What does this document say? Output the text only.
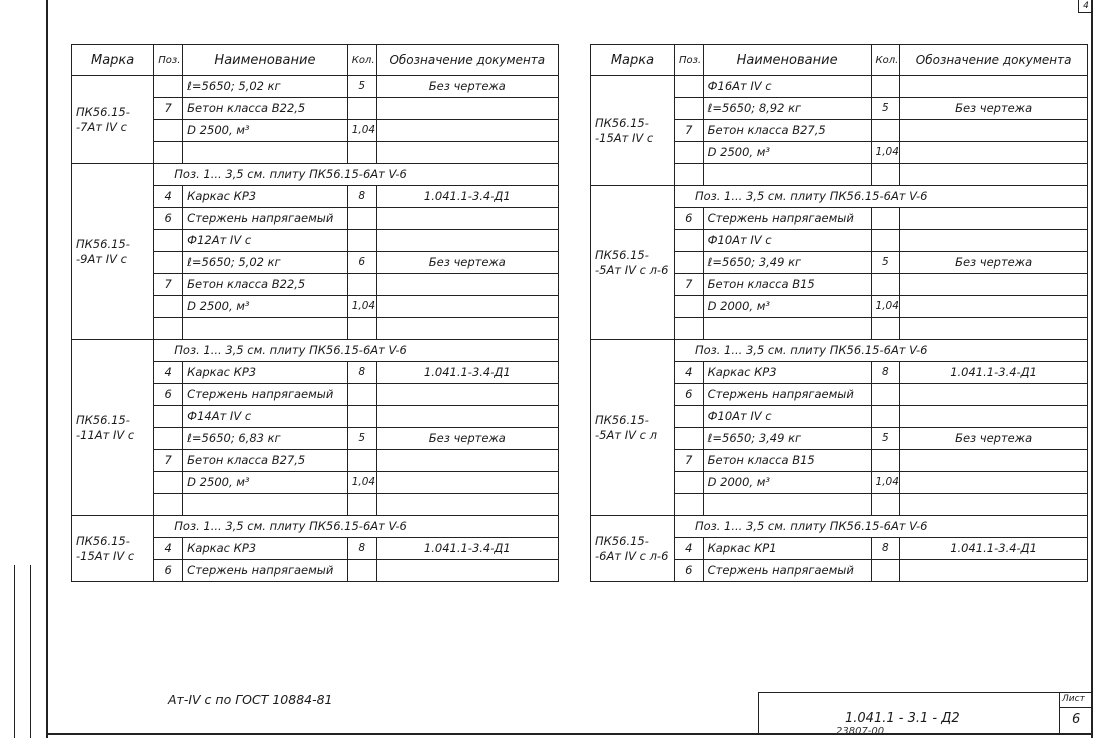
4
Марка	Поз.	Наименование	Кол.	Обозначение документа
ПК56.15-
-7Ат IV с		ℓ=5650; 5,02 кг	5	Без чертежа
	7	Бетон класса В22,5		
		D 2500, м³	1,04	

ПК56.15-
-9Ат IV с	Поз. 1... 3,5 см. плиту ПК56.15-6Ат V-6			
	4	Каркас КР3	8	1.041.1-3.4-Д1
	6	Стержень напрягаемый		
		Ф12Ат IV с		
		ℓ=5650; 5,02 кг	6	Без чертежа
	7	Бетон класса В22,5		
		D 2500, м³	1,04	

ПК56.15-
-11Ат IV с	Поз. 1... 3,5 см. плиту ПК56.15-6Ат V-6			
	4	Каркас КР3	8	1.041.1-3.4-Д1
	6	Стержень напрягаемый		
		Ф14Ат IV с		
		ℓ=5650; 6,83 кг	5	Без чертежа
	7	Бетон класса В27,5		
		D 2500, м³	1,04	

ПК56.15-
-15Ат IV с	Поз. 1... 3,5 см. плиту ПК56.15-6Ат V-6			
	4	Каркас КР3	8	1.041.1-3.4-Д1
	6	Стержень напрягаемый		
Марка	Поз.	Наименование	Кол.	Обозначение документа
ПК56.15-
-15Ат IV с		Ф16Ат IV с		
		ℓ=5650; 8,92 кг	5	Без чертежа
	7	Бетон класса В27,5		
		D 2500, м³	1,04	

ПК56.15-
-5Ат IV с л-6	Поз. 1... 3,5 см. плиту ПК56.15-6Ат V-6			
	6	Стержень напрягаемый		
		Ф10Ат IV с		
		ℓ=5650; 3,49 кг	5	Без чертежа
	7	Бетон класса В15		
		D 2000, м³	1,04	

ПК56.15-
-5Ат IV с л	Поз. 1... 3,5 см. плиту ПК56.15-6Ат V-6			
	4	Каркас КР3	8	1.041.1-3.4-Д1
	6	Стержень напрягаемый		
		Ф10Ат IV с		
		ℓ=5650; 3,49 кг	5	Без чертежа
	7	Бетон класса В15		
		D 2000, м³	1,04	

ПК56.15-
-6Ат IV с л-6	Поз. 1... 3,5 см. плиту ПК56.15-6Ат V-6			
	4	Каркас КР1	8	1.041.1-3.4-Д1
	6	Стержень напрягаемый		
Ат-IV с по ГОСТ 10884-81
1.041.1 - 3.1 - Д2
Лист
6
23807-00
